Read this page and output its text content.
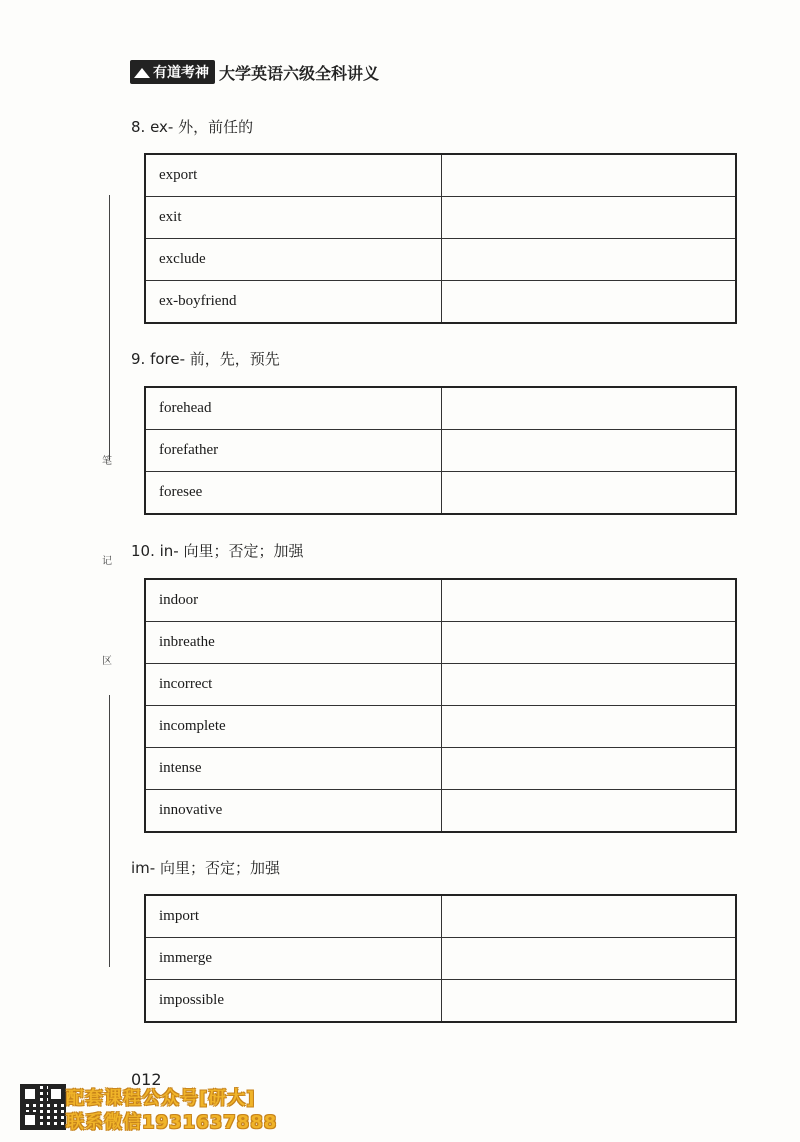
有道考神 大学英语六级全科讲义
笔
记
区
8. ex- 外，前任的
export	
exit	
exclude	
ex-boyfriend	
9. fore- 前，先，预先
forehead	
forefather	
foresee	
10. in- 向里；否定；加强
indoor	
inbreathe	
incorrect	
incomplete	
intense	
innovative	
im- 向里；否定；加强
import	
immerge	
impossible	
012
配套课程公众号[研大]
联系微信1931637888
